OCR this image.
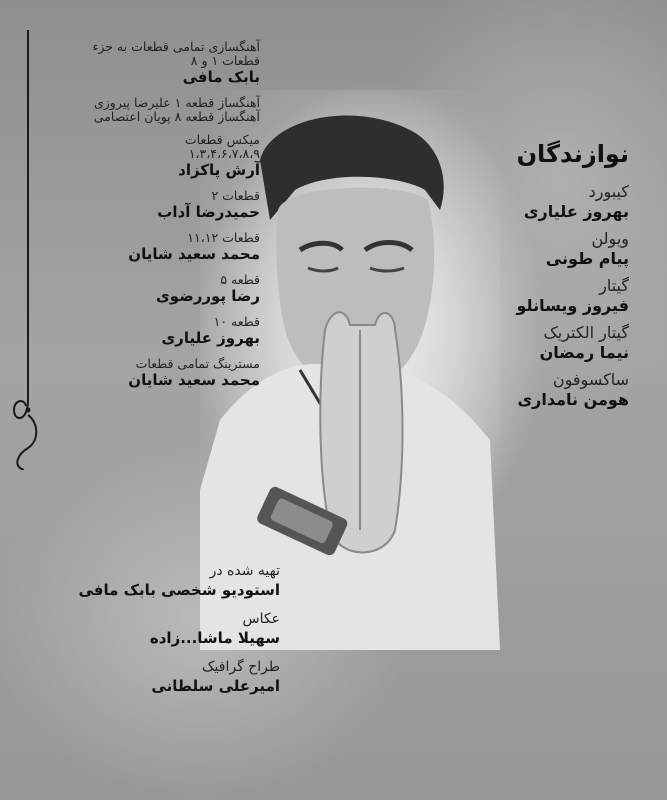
آهنگسازی تمامی قطعات به جزء
قطعات ۱ و ۸
بابک مافی
آهنگساز قطعه ۱ علیرضا پیروزی
آهنگساز قطعه ۸ پویان اعتصامی
میکس قطعات
۱،۳،۴،۶،۷،۸،۹
آرش پاکزاد
قطعات ۲
حمیدرضا آداب
قطعات ۱۱،۱۲
محمد سعید شایان
قطعه ۵
رضا پوررضوی
قطعه ۱۰
بهروز علیاری
مسترینگ تمامی قطعات
محمد سعید شایان
نوازندگان
کیبورد
بهروز علیاری
ویولن
پیام طونی
گیتار
فیروز ویسانلو
گیتار الکتریک
نیما رمضان
ساکسوفون
هومن نامداری
تهیه شده در
استودیو شخصی بابک مافی
عکاس
سهیلا ماشا...زاده
طراح گرافیک
امیرعلی سلطانی
